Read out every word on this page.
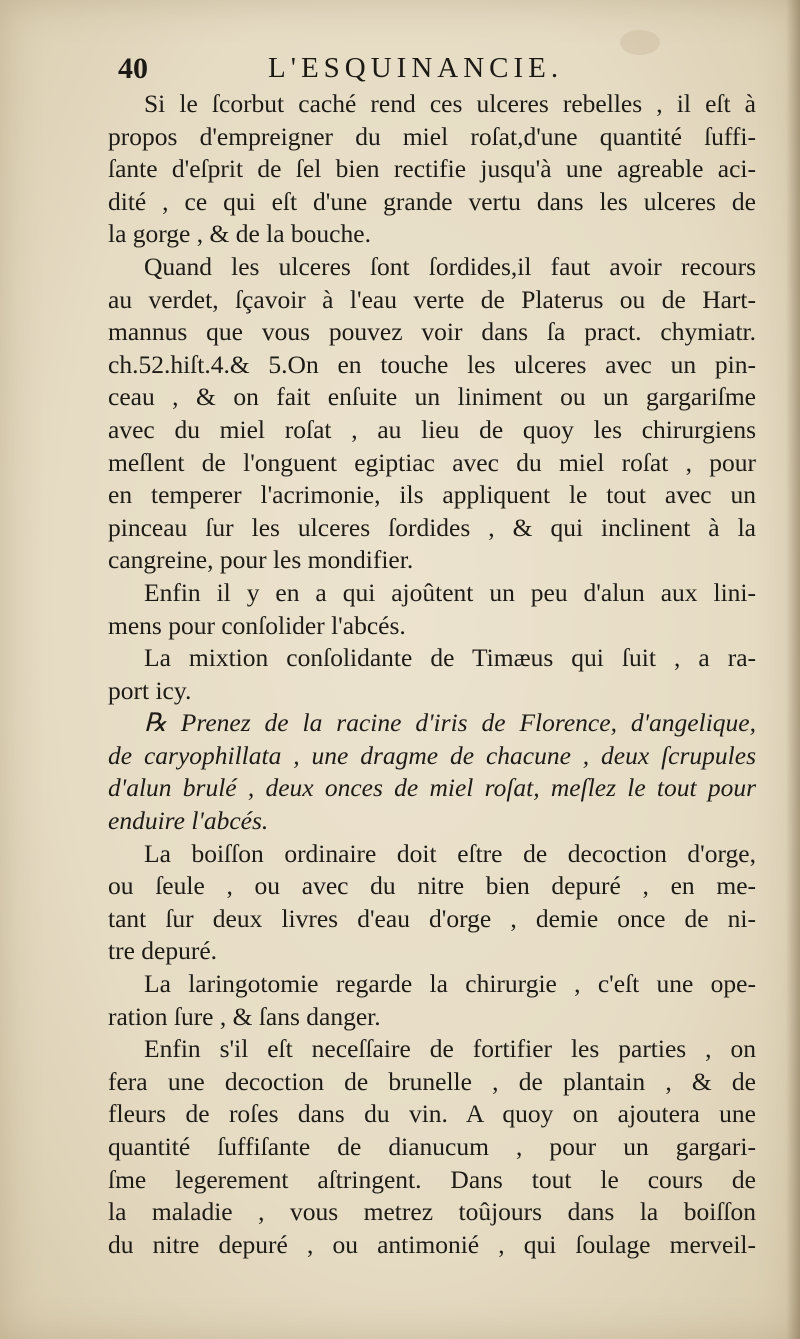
40	L'ESQUINANCIE.
Si le ſcorbut caché rend ces ulceres rebelles , il eſt à
propos d'empreigner du miel roſat,d'une quantité ſuffi-
ſante d'eſprit de ſel bien rectifie jusqu'à une agreable aci-
dité , ce qui eſt d'une grande vertu dans les ulceres de
la gorge , & de la bouche.
Quand les ulceres ſont ſordides,il faut avoir recours
au verdet, ſçavoir à l'eau verte de Platerus ou de Hart-
mannus que vous pouvez voir dans ſa pract. chymiatr.
ch.52.hiſt.4.& 5.On en touche les ulceres avec un pin-
ceau , & on fait enſuite un liniment ou un gargariſme
avec du miel roſat , au lieu de quoy les chirurgiens
meſlent de l'onguent egiptiac avec du miel roſat , pour
en temperer l'acrimonie, ils appliquent le tout avec un
pinceau ſur les ulceres ſordides , & qui inclinent à la
cangreine, pour les mondifier.
Enfin il y en a qui ajoûtent un peu d'alun aux lini-
mens pour conſolider l'abcés.
La mixtion conſolidante de Timæus qui ſuit , a ra-
port icy.
℞ Prenez de la racine d'iris de Florence, d'angelique,
de caryophillata , une dragme de chacune , deux ſcrupules
d'alun brulé , deux onces de miel roſat, meſlez le tout pour
enduire l'abcés.
La boiſſon ordinaire doit eſtre de decoction d'orge,
ou ſeule , ou avec du nitre bien depuré , en me-
tant ſur deux livres d'eau d'orge , demie once de ni-
tre depuré.
La laringotomie regarde la chirurgie , c'eſt une ope-
ration ſure , & ſans danger.
Enfin s'il eſt neceſſaire de fortifier les parties , on
fera une decoction de brunelle , de plantain , & de
fleurs de roſes dans du vin. A quoy on ajoutera une
quantité ſuffiſante de dianucum , pour un gargari-
ſme legerement aſtringent. Dans tout le cours de
la maladie , vous metrez toûjours dans la boiſſon
du nitre depuré , ou antimonié , qui ſoulage merveil-
